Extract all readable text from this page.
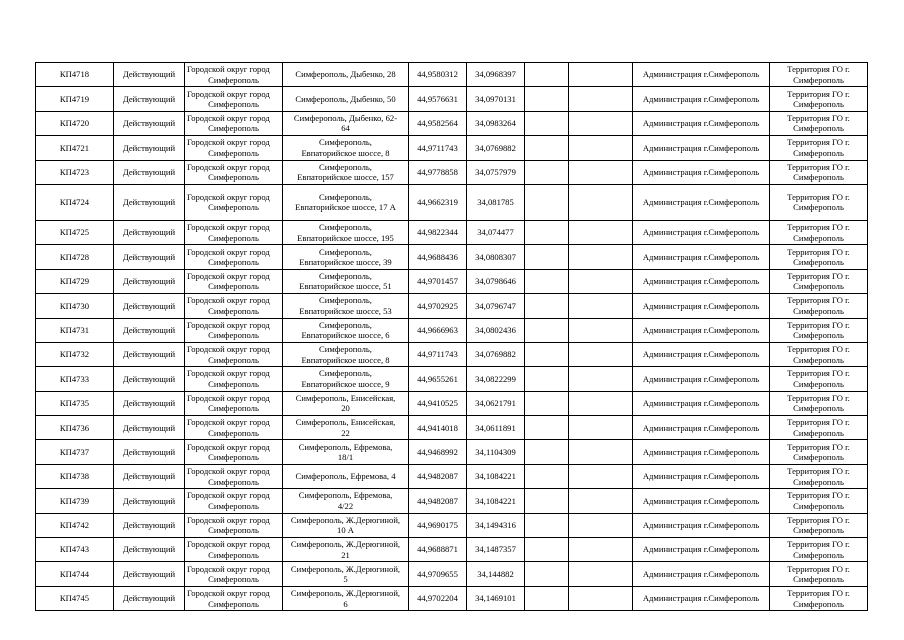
КП4718	Действующий	Городской округ город
Симферополь	Симферополь, Дыбенко, 28	44,9580312	34,0968397			Администрация г.Симферополь	Территория ГО г.
Симферополь

КП4719	Действующий	Городской округ город
Симферополь	Симферополь, Дыбенко, 50	44,9576631	34,0970131			Администрация г.Симферополь	Территория ГО г.
Симферополь

КП4720	Действующий	Городской округ город
Симферополь	Симферополь, Дыбенко, 62-
64	44,9582564	34,0983264			Администрация г.Симферополь	Территория ГО г.
Симферополь

КП4721	Действующий	Городской округ город
Симферополь	Симферополь,
Евпаторийское шоссе, 8	44,9711743	34,0769882			Администрация г.Симферополь	Территория ГО г.
Симферополь

КП4723	Действующий	Городской округ город
Симферополь	Симферополь,
Евпаторийское шоссе, 157	44,9778858	34,0757979			Администрация г.Симферополь	Территория ГО г.
Симферополь

КП4724	Действующий	Городской округ город
Симферополь	Симферополь,
Евпаторийское шоссе, 17 А	44,9662319	34,081785			Администрация г.Симферополь	Территория ГО г.
Симферополь

КП4725	Действующий	Городской округ город
Симферополь	Симферополь,
Евпаторийское шоссе, 195	44,9822344	34,074477			Администрация г.Симферополь	Территория ГО г.
Симферополь

КП4728	Действующий	Городской округ город
Симферополь	Симферополь,
Евпаторийское шоссе, 39	44,9688436	34,0808307			Администрация г.Симферополь	Территория ГО г.
Симферополь

КП4729	Действующий	Городской округ город
Симферополь	Симферополь,
Евпаторийское шоссе, 51	44,9701457	34,0798646			Администрация г.Симферополь	Территория ГО г.
Симферополь

КП4730	Действующий	Городской округ город
Симферополь	Симферополь,
Евпаторийское шоссе, 53	44,9702925	34,0796747			Администрация г.Симферополь	Территория ГО г.
Симферополь

КП4731	Действующий	Городской округ город
Симферополь	Симферополь,
Евпаторийское шоссе, 6	44,9666963	34,0802436			Администрация г.Симферополь	Территория ГО г.
Симферополь

КП4732	Действующий	Городской округ город
Симферополь	Симферополь,
Евпаторийское шоссе, 8	44,9711743	34,0769882			Администрация г.Симферополь	Территория ГО г.
Симферополь

КП4733	Действующий	Городской округ город
Симферополь	Симферополь,
Евпаторийское шоссе, 9	44,9655261	34,0822299			Администрация г.Симферополь	Территория ГО г.
Симферополь

КП4735	Действующий	Городской округ город
Симферополь	Симферополь, Енисейская,
20	44,9410525	34,0621791			Администрация г.Симферополь	Территория ГО г.
Симферополь

КП4736	Действующий	Городской округ город
Симферополь	Симферополь, Енисейская,
22	44,9414018	34,0611891			Администрация г.Симферополь	Территория ГО г.
Симферополь

КП4737	Действующий	Городской округ город
Симферополь	Симферополь, Ефремова,
18/1	44,9468992	34,1104309			Администрация г.Симферополь	Территория ГО г.
Симферополь

КП4738	Действующий	Городской округ город
Симферополь	Симферополь, Ефремова, 4	44,9482087	34,1084221			Администрация г.Симферополь	Территория ГО г.
Симферополь

КП4739	Действующий	Городской округ город
Симферополь	Симферополь, Ефремова,
4/22	44,9482087	34,1084221			Администрация г.Симферополь	Территория ГО г.
Симферополь

КП4742	Действующий	Городской округ город
Симферополь	Симферополь, Ж.Дерюгиной,
10 А	44,9690175	34,1494316			Администрация г.Симферополь	Территория ГО г.
Симферополь

КП4743	Действующий	Городской округ город
Симферополь	Симферополь, Ж.Дерюгиной,
21	44,9688871	34,1487357			Администрация г.Симферополь	Территория ГО г.
Симферополь

КП4744	Действующий	Городской округ город
Симферополь	Симферополь, Ж.Дерюгиной,
5	44,9709655	34,144882			Администрация г.Симферополь	Территория ГО г.
Симферополь

КП4745	Действующий	Городской округ город
Симферополь	Симферополь, Ж.Дерюгиной,
6	44,9702204	34,1469101			Администрация г.Симферополь	Территория ГО г.
Симферополь
